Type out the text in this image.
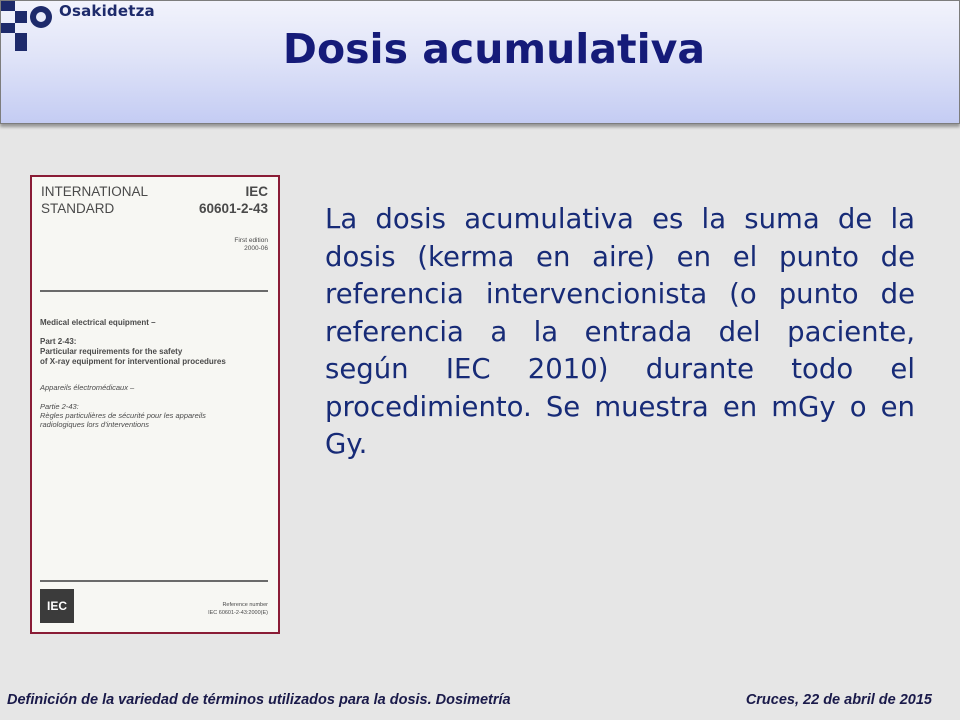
Osakidetza
Dosis acumulativa
INTERNATIONAL
STANDARD
IEC
60601-2-43
First edition
2000-06
Medical electrical equipment –
Part 2-43:
Particular requirements for the safety
of X-ray equipment for interventional procedures
Appareils électromédicaux –
Partie 2-43:
Règles particulières de sécurité pour les appareils
radiologiques lors d'interventions
IEC	Reference number
IEC 60601-2-43:2000(E)
La dosis acumulativa es la suma de la dosis (kerma en aire) en el punto de referencia intervencionista (o punto de referencia a la entrada del paciente, según IEC 2010) durante todo el procedimiento. Se muestra en mGy o en Gy.
Definición de la variedad de términos utilizados para la dosis. Dosimetría	Cruces, 22 de abril de 2015
